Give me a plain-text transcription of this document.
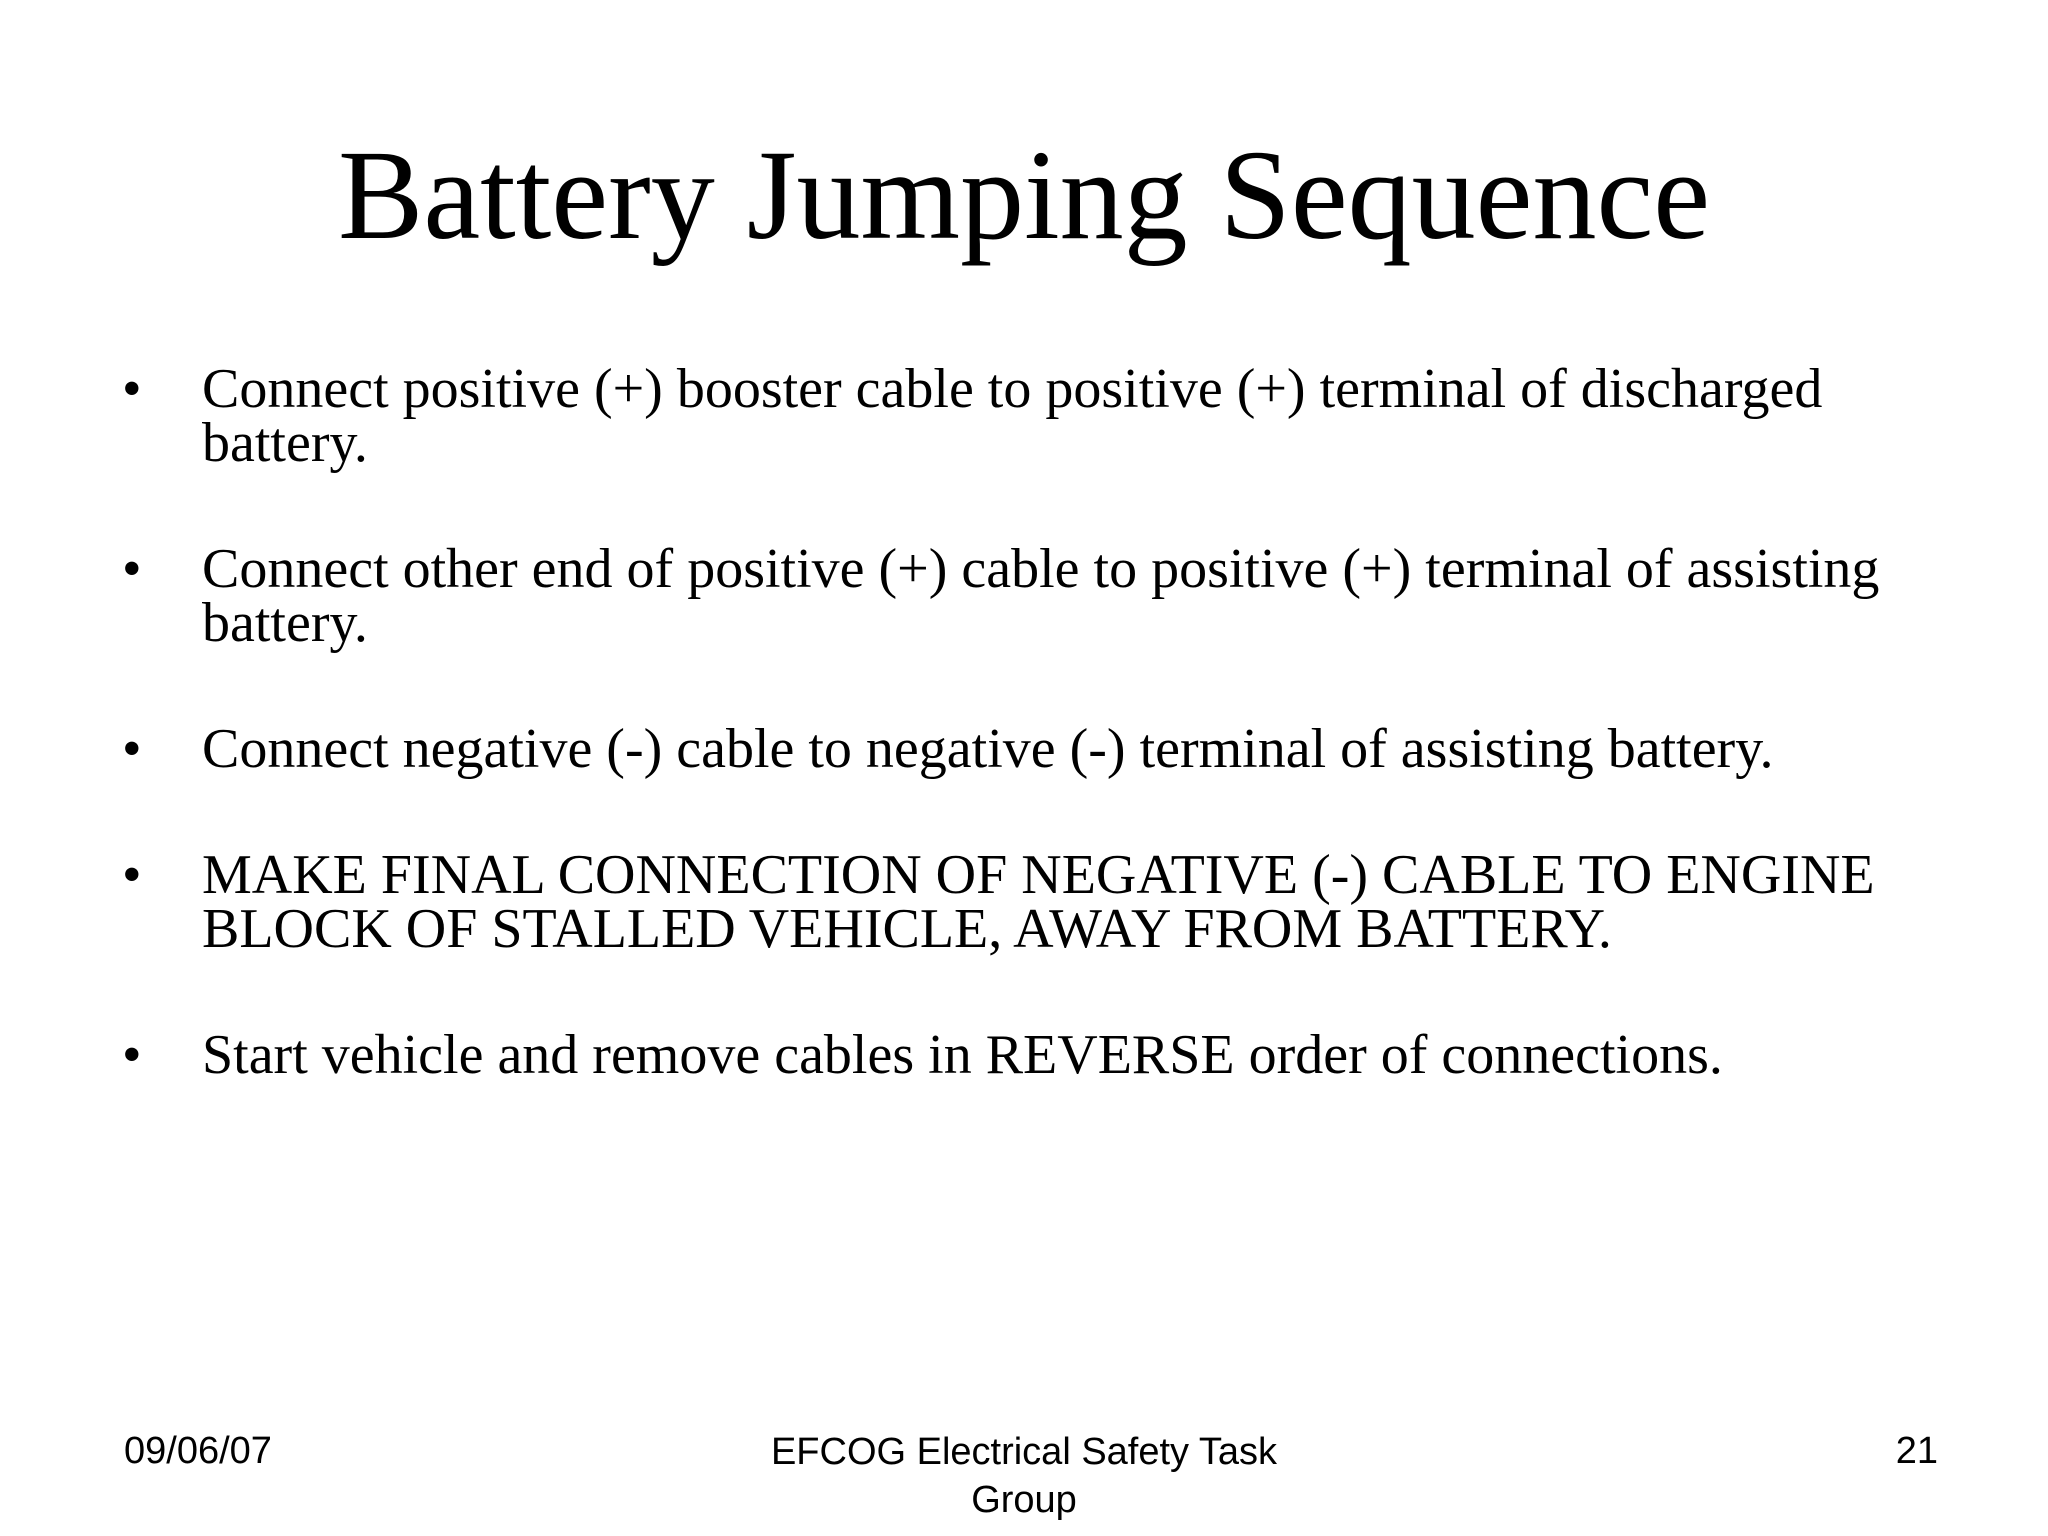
Battery Jumping Sequence
• Connect positive (+) booster cable to positive (+) terminal of discharged battery.
• Connect other end of positive (+) cable to positive (+) terminal of assisting battery.
• Connect negative (-) cable to negative (-) terminal of assisting battery.
• MAKE FINAL CONNECTION OF NEGATIVE (-) CABLE TO ENGINE BLOCK OF STALLED VEHICLE, AWAY FROM BATTERY.
• Start vehicle and remove cables in REVERSE order of connections.
09/06/07	EFCOG Electrical Safety Task Group
21
